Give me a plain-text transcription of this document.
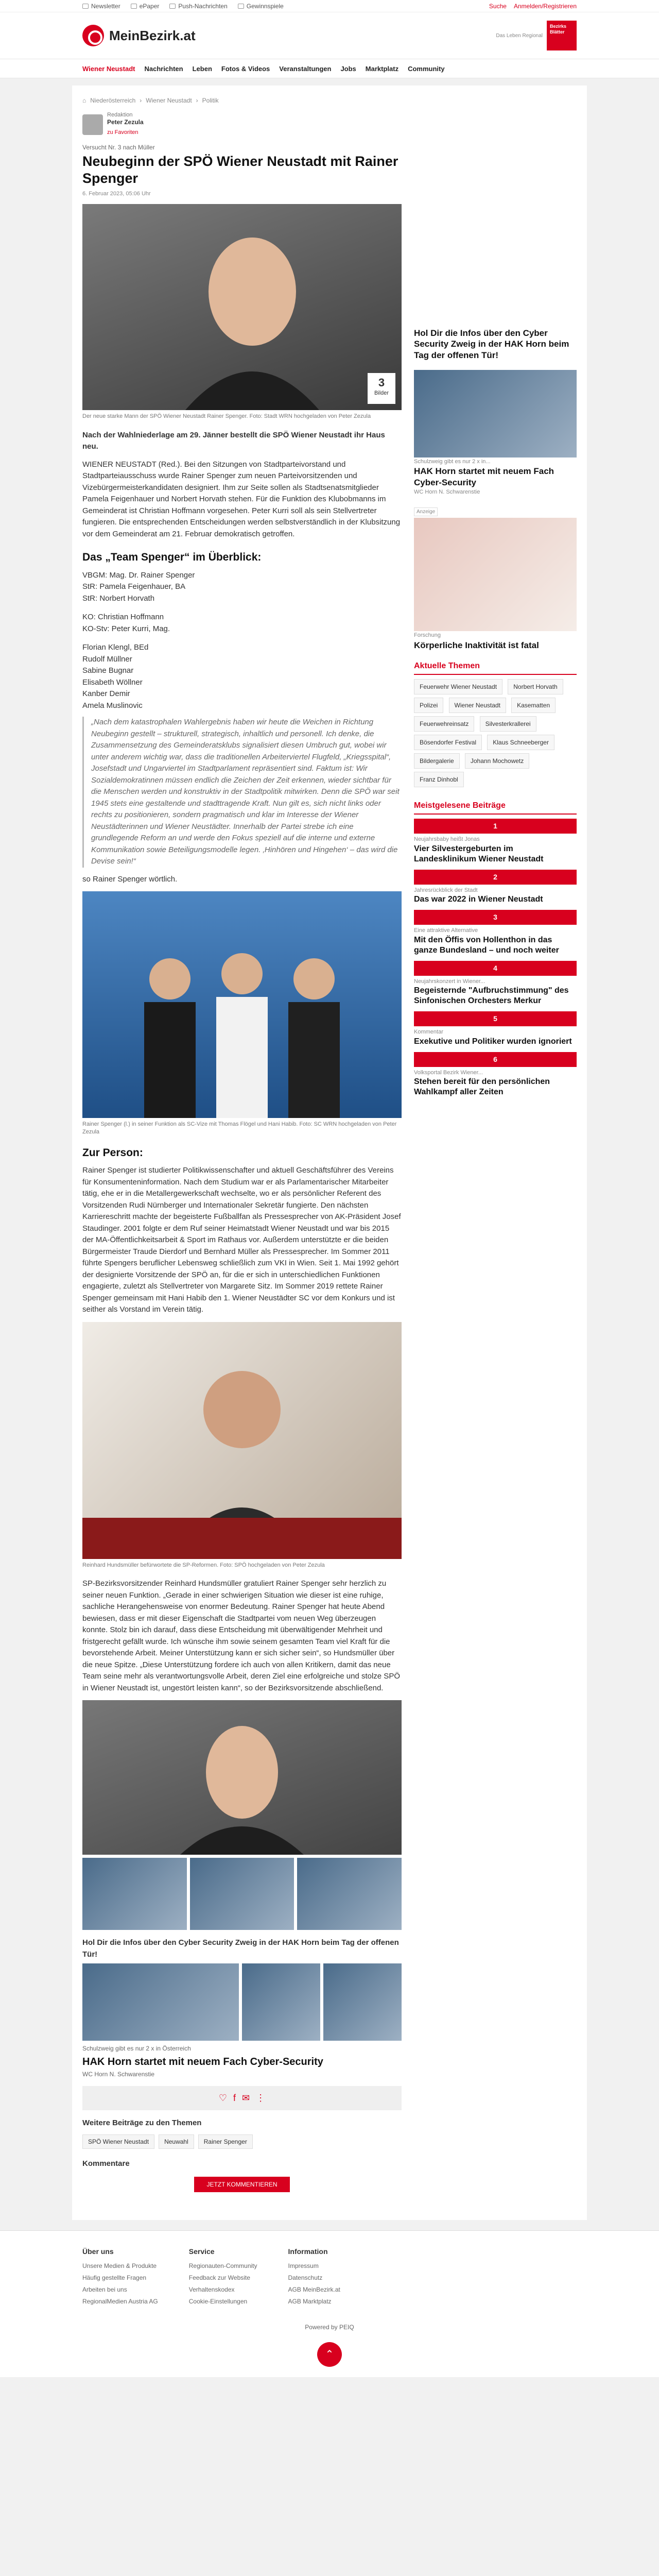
Newsletter	ePaper	Push-Nachrichten	Gewinnspiele	Suche Anmelden/Registrieren
MeinBezirk.at	Das Leben Regional
Bezirks Blätter
Wiener Neustadt Nachrichten Leben Fotos & Videos Veranstaltungen Jobs Marktplatz Community
⌂ Niederösterreich › Wiener Neustadt › Politik
Redaktion
Peter Zezula
zu Favoriten
Versucht Nr. 3 nach Müller
Neubeginn der SPÖ Wiener Neustadt mit Rainer Spenger
6. Februar 2023, 05:06 Uhr
3
Bilder
Der neue starke Mann der SPÖ Wiener Neustadt Rainer Spenger. Foto: Stadt WRN hochgeladen von Peter Zezula

Nach der Wahlniederlage am 29. Jänner bestellt die SPÖ Wiener Neustadt ihr Haus neu.

WIENER NEUSTADT (Red.). Bei den Sitzungen von Stadtparteivorstand und Stadtparteiausschuss wurde Rainer Spenger zum neuen Parteivorsitzenden und Vizebürgermeisterkandidaten designiert. Ihm zur Seite sollen als Stadtsenatsmitglieder Pamela Feigenhauer und Norbert Horvath stehen. Für die Funktion des Klubobmanns im Gemeinderat ist Christian Hoffmann vorgesehen. Peter Kurri soll als sein Stellvertreter fungieren. Die entsprechenden Entscheidungen werden selbstverständlich in der Klubsitzung vor dem Gemeinderat am 21. Februar demokratisch getroffen.

Das „Team Spenger“ im Überblick:
VBGM: Mag. Dr. Rainer Spenger
StR: Pamela Feigenhauer, BA
StR: Norbert Horvath
KO: Christian Hoffmann
KO-Stv: Peter Kurri, Mag.
Florian Klengl, BEd
Rudolf Müllner
Sabine Bugnar
Elisabeth Wöllner
Kanber Demir
Amela Muslinovic
„Nach dem katastrophalen Wahlergebnis haben wir heute die Weichen in Richtung Neubeginn gestellt – strukturell, strategisch, inhaltlich und personell. Ich denke, die Zusammensetzung des Gemeinderatsklubs signalisiert diesen Umbruch gut, wobei wir unter anderem wichtig war, dass die traditionellen Arbeiterviertel Flugfeld, „Kriegsspital“, Josefstadt und Ungarviertel im Stadtparlament repräsentiert sind. Faktum ist: Wir Sozialdemokratinnen müssen endlich die Zeichen der Zeit erkennen, wieder sichtbar für die Menschen werden und konstruktiv in der Stadtpolitik mitwirken. Denn die SPÖ war seit 1945 stets eine gestaltende und stadttragende Kraft. Nun gilt es, sich nicht links oder rechts zu positionieren, sondern pragmatisch und klar im Interesse der Wiener Neustädterinnen und Wiener Neustädter. Innerhalb der Partei strebe ich eine grundlegende Reform an und werde den Fokus speziell auf die interne und externe Kommunikation sowie Beteiligungsmodelle legen. ‚Hinhören und Hingehen‘ – das wird die Devise sein!“

so Rainer Spenger wörtlich.

Rainer Spenger (l.) in seiner Funktion als SC-Vize mit Thomas Flögel und Hani Habib. Foto: SC WRN hochgeladen von Peter Zezula
Zur Person:

Rainer Spenger ist studierter Politikwissenschafter und aktuell Geschäftsführer des Vereins für Konsumenteninformation. Nach dem Studium war er als Parlamentarischer Mitarbeiter tätig, ehe er in die Metallergewerkschaft wechselte, wo er als persönlicher Referent des Vorsitzenden Rudi Nürnberger und Internationaler Sekretär fungierte. Den nächsten Karriereschritt machte der begeisterte Fußballfan als Pressesprecher von AK-Präsident Josef Staudinger. 2001 folgte er dem Ruf seiner Heimatstadt Wiener Neustadt und war bis 2015 der MA-Öffentlichkeitsarbeit & Sport im Rathaus vor. Außerdem unterstützte er die beiden Bürgermeister Traude Dierdorf und Bernhard Müller als Pressesprecher. Im Sommer 2011 führte Spengers beruflicher Lebensweg schließlich zum VKI in Wien. Seit 1. Mai 1992 gehört der designierte Vorsitzende der SPÖ an, für die er sich in unterschiedlichen Funktionen engagierte, zuletzt als Stellvertreter von Margarete Sitz. Im Sommer 2019 rettete Rainer Spenger gemeinsam mit Hani Habib den 1. Wiener Neustädter SC vor dem Konkurs und ist seither als Vorstand im Verein tätig.

Reinhard Hundsmüller befürwortete die SP-Reformen. Foto: SPÖ hochgeladen von Peter Zezula

SP-Bezirksvorsitzender Reinhard Hundsmüller gratuliert Rainer Spenger sehr herzlich zu seiner neuen Funktion. „Gerade in einer schwierigen Situation wie dieser ist eine ruhige, sachliche Herangehensweise von enormer Bedeutung. Rainer Spenger hat heute Abend bewiesen, dass er mit dieser Eigenschaft die Stadtpartei vom neuen Weg überzeugen konnte. Stolz bin ich darauf, dass diese Entscheidung mit überwältigender Mehrheit und fristgerecht gefällt wurde. Ich wünsche ihm sowie seinem gesamten Team viel Kraft für die bevorstehende Arbeit. Meiner Unterstützung kann er sich sicher sein“, so Hundsmüller über die neue Spitze. „Diese Unterstützung fordere ich auch von allen Kritikern, damit das neue Team seine mehr als verantwortungsvolle Arbeit, deren Ziel eine erfolgreiche und stolze SPÖ in Wiener Neustadt ist, ungestört leisten kann“, so der Bezirksvorsitzende abschließend.

Hol Dir die Infos über den Cyber Security Zweig in der HAK Horn beim Tag der offenen Tür!
Schulzweig gibt es nur 2 x in Österreich
HAK Horn startet mit neuem Fach Cyber-Security
WC Horn N. Schwarenstie
♡ f ✉ ⋮
Weitere Beiträge zu den Themen
SPÖ Wiener Neustadt	Neuwahl	Rainer Spenger
Kommentare
JETZT KOMMENTIEREN
Hol Dir die Infos über den Cyber Security Zweig in der HAK Horn beim Tag der offenen Tür!
Schulzweig gibt es nur 2 x in...
HAK Horn startet mit neuem Fach Cyber-Security
WC Horn N. Schwarenstie
Anzeige
Forschung
Körperliche Inaktivität ist fatal
Aktuelle Themen
Feuerwehr Wiener Neustadt	Norbert Horvath Polizei	Wiener Neustadt	Kasematten Feuerwehreinsatz	Silvesterkrallerei Bösendorfer Festival	Klaus Schneeberger Bildergalerie	Johann Mochowetz Franz Dinhobl
Meistgelesene Beiträge
1
Neujahrsbaby heißt Jonas
Vier Silvestergeburten im Landesklinikum Wiener Neustadt
2
Jahresrückblick der Stadt
Das war 2022 in Wiener Neustadt
3
Eine attraktive Alternative
Mit den Öffis von Hollenthon in das ganze Bundesland – und noch weiter
4
Neujahrskonzert in Wiener...
Begeisternde "Aufbruchstimmung" des Sinfonischen Orchesters Merkur
5
Kommentar
Exekutive und Politiker wurden ignoriert
6
Volksportal Bezirk Wiener...
Stehen bereit für den persönlichen Wahlkampf aller Zeiten
Über uns
Unsere Medien & Produkte
Häufig gestellte Fragen
Arbeiten bei uns
RegionalMedien Austria AG
Service
Regionauten-Community
Feedback zur Website
Verhaltenskodex
Cookie-Einstellungen
Information
Impressum
Datenschutz
AGB MeinBezirk.at
AGB Marktplatz
Powered by PEIQ
⌃
